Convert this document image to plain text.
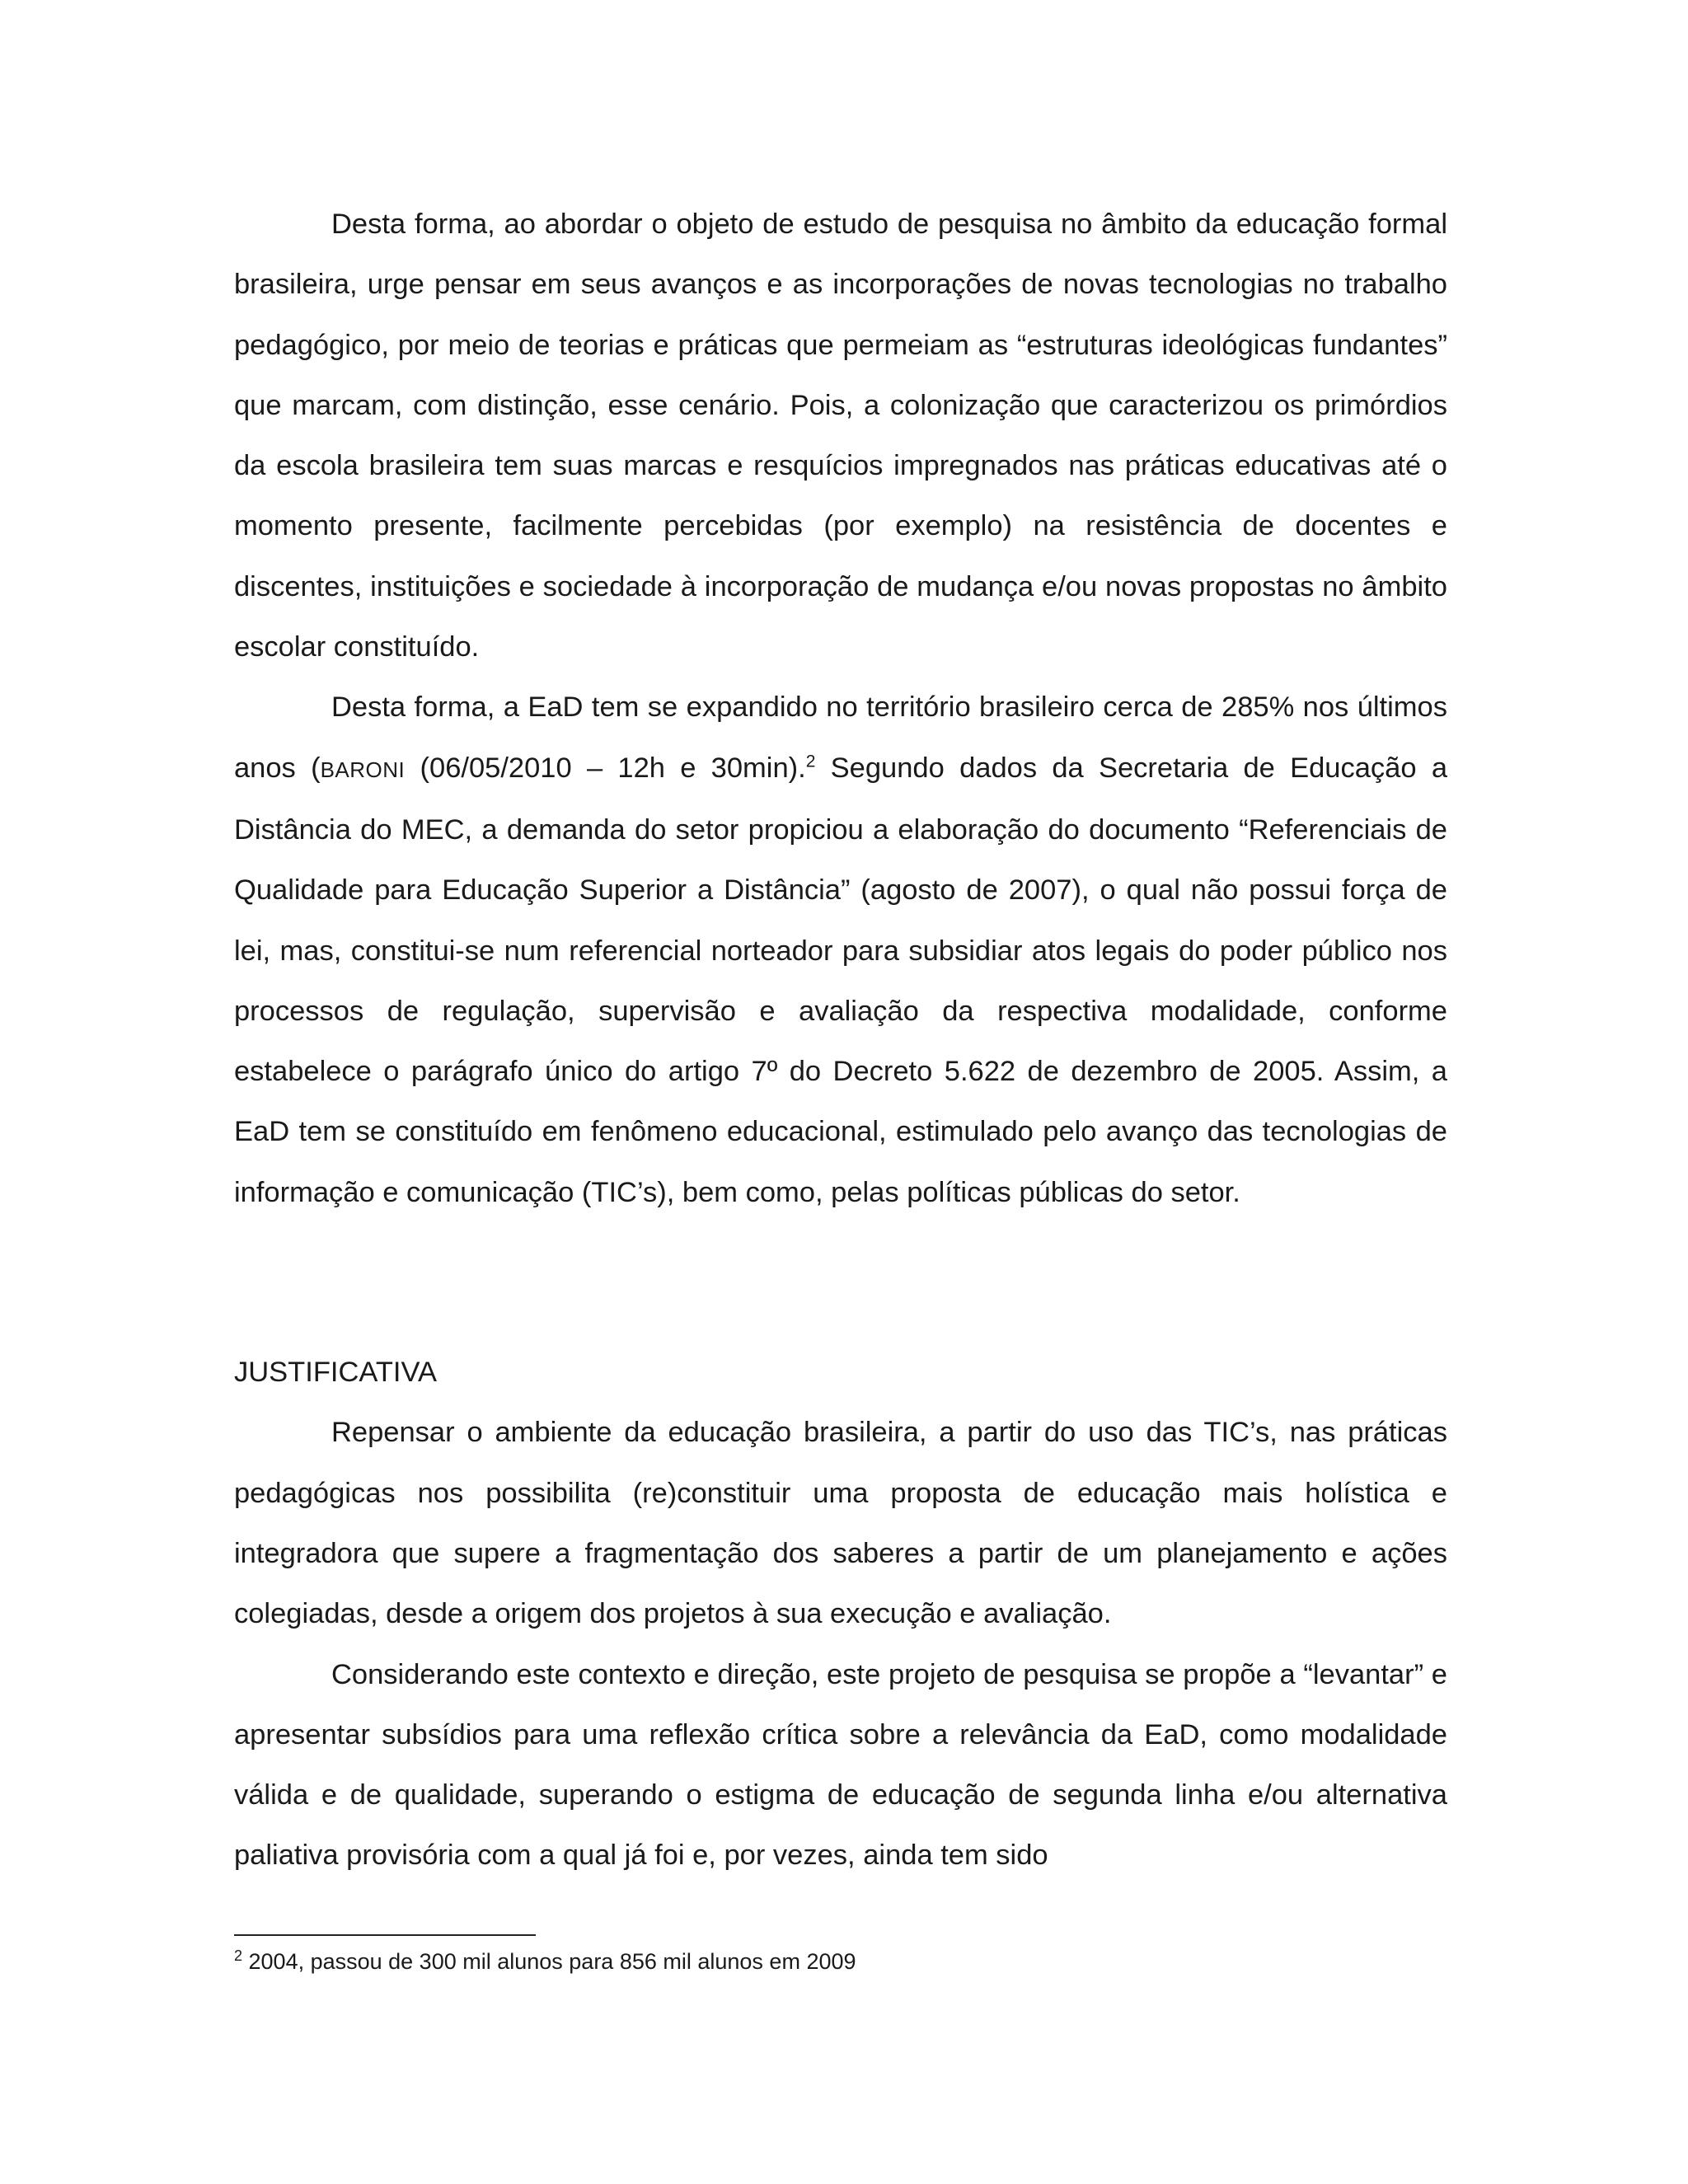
Desta forma, ao abordar o objeto de estudo de pesquisa no âmbito da educação formal brasileira, urge pensar em seus avanços e as incorporações de novas tecnologias no trabalho pedagógico, por meio de teorias e práticas que permeiam as “estruturas ideológicas fundantes” que marcam, com distinção, esse cenário. Pois, a colonização que caracterizou os primórdios da escola brasileira tem suas marcas e resquícios impregnados nas práticas educativas até o momento presente, facilmente percebidas (por exemplo) na resistência de docentes e discentes, instituições e sociedade à incorporação de mudança e/ou novas propostas no âmbito escolar constituído.

Desta forma, a EaD tem se expandido no território brasileiro cerca de 285% nos últimos anos (BARONI (06/05/2010 – 12h e 30min).$^2$ Segundo dados da Secretaria de Educação a Distância do MEC, a demanda do setor propiciou a elaboração do documento “Referenciais de Qualidade para Educação Superior a Distância” (agosto de 2007), o qual não possui força de lei, mas, constitui-se num referencial norteador para subsidiar atos legais do poder público nos processos de regulação, supervisão e avaliação da respectiva modalidade, conforme estabelece o parágrafo único do artigo 7º do Decreto 5.622 de dezembro de 2005. Assim, a EaD tem se constituído em fenômeno educacional, estimulado pelo avanço das tecnologias de informação e comunicação (TIC’s), bem como, pelas políticas públicas do setor.

JUSTIFICATIVA

Repensar o ambiente da educação brasileira, a partir do uso das TIC’s, nas práticas pedagógicas nos possibilita (re)constituir uma proposta de educação mais holística e integradora que supere a fragmentação dos saberes a partir de um planejamento e ações colegiadas, desde a origem dos projetos à sua execução e avaliação.

Considerando este contexto e direção, este projeto de pesquisa se propõe a “levantar” e apresentar subsídios para uma reflexão crítica sobre a relevância da EaD, como modalidade válida e de qualidade, superando o estigma de educação de segunda linha e/ou alternativa paliativa provisória com a qual já foi e, por vezes, ainda tem sido

$^2$ 2004, passou de 300 mil alunos para 856 mil alunos em 2009
